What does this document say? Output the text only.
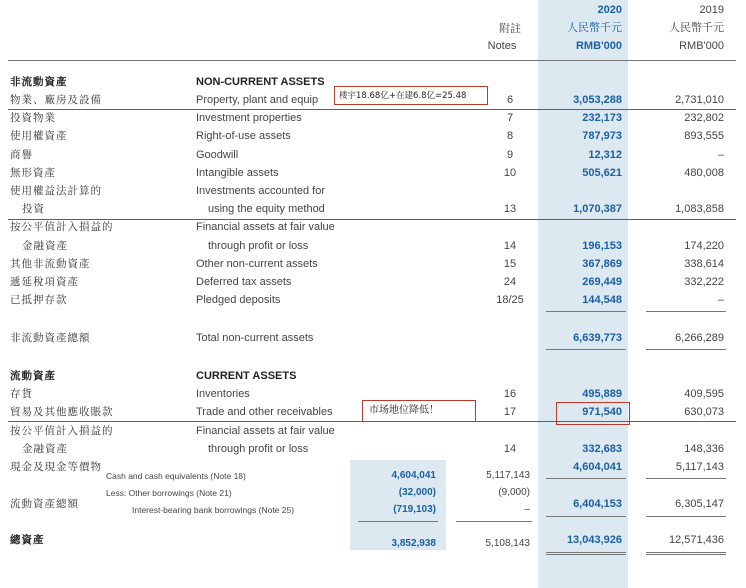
附註
Notes
2020
人民幣千元
RMB'000
2019
人民幣千元
RMB'000
非流動資產	NON-CURRENT ASSETS
物業、廠房及設備	Property, plant and equip	6	3,053,288	2,731,010
投資物業	Investment properties	7	232,173	232,802
使用權資產	Right-of-use assets	8	787,973	893,555
商譽	Goodwill	9	12,312	–
無形資產	Intangible assets	10	505,621	480,008
使用權益法計算的	Investments accounted for
投資	using the equity method	13	1,070,387	1,083,858
按公平值計入損益的	Financial assets at fair value
金融資產	through profit or loss	14	196,153	174,220
其他非流動資產	Other non-current assets	15	367,869	338,614
遞延稅項資產	Deferred tax assets	24	269,449	332,222
已抵押存款	Pledged deposits	18/25	144,548	–
非流動資產總額	Total non-current assets	6,639,773	6,266,289
流動資產	CURRENT ASSETS
存貨	Inventories	16	495,889	409,595
貿易及其他應收賬款	Trade and other receivables	17	971,540	630,073
按公平值計入損益的	Financial assets at fair value
金融資產	through profit or loss	14	332,683	148,336
現金及現金等價物	4,604,041	5,117,143
流動資產總額	6,404,153	6,305,147
總資產	13,043,926	12,571,436
Cash and cash equivalents (Note 18)	4,604,041	5,117,143
Less: Other borrowings (Note 21)	(32,000)	(9,000)
Interest-bearing bank borrowings (Note 25)	(719,103)	–
3,852,938	5,108,143
楼宇18.68亿+在建6.8亿=25.48
市场地位降低！
